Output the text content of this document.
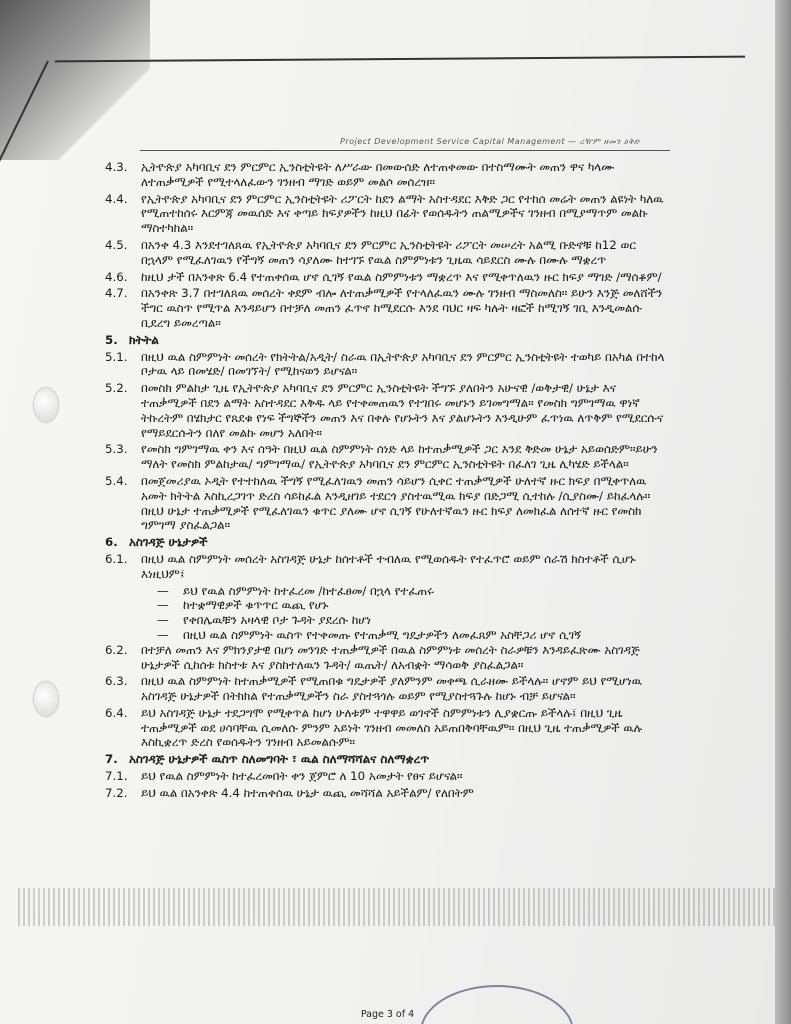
Project Development Service Capital Management — ረዥም ዘመን ዕቅድ
4.3. ኢትዮጵያ አካባቢና ደን ምርምር ኢንስቲትዩት ለሥራው በመውሰድ ለተጠቀመው በተስማሙት መጠን ዋና ካላሙ ለተጠቃሚዎች የሚተላለፈውን ገንዘብ ማገድ ወይም መልሶ መሰረዝ።
4.4. የኢትዮጵያ አካባቢና ደን ምርምር ኢንስቲትዩት ሪፖርት ከደን ልማት አስተዳደር እቅድ ጋር የተከሰ መሬት መጠን ልዩነት ካለዉ የሚጠተከሰሩ እርምጃ መዉሰድ እና ቀጣይ ክፍያዎችን ከዚህ በፊት የወሰዱትን ጠልሚዎችና ገንዘብ በሚያማጥም መልኩ ማስተካከል።
4.5. በአንቀ 4.3 እንደተገለጸዉ የኢትዮጵያ አካባቢና ደን ምርምር ኢንስቲትዩት ሪፖርት መሠረት አልሚ ቡድኖቹ ከ12 ወር በኋላም የሚፈለገዉን የችግኝ መጠን ሳያለሙ ከተገኙ የዉል ስምምነቱን ጊዜዉ ሳይደርስ ሙሉ በሙሉ ማቋረጥ
4.6. ከዚህ ታች በአንቀጽ 6.4 የተጠቀሰዉ ሆኖ ሲገኝ የዉል ስምምነቱን ማቋረጥ እና የሚቀጥለዉን ዙር ክፍያ ማገድ /ማሰቆም/
4.7. በአንቀጽ 3.7 በተገለጸዉ መሰረት ቀደም ብሎ ለተጠቃሚዎች የተላለፈዉን ሙሉ ገንዘብ ማስመለስ። ይሁን እንጅ መለሸችን ችግር ዉስጥ የሚጥል እንዳይሆን በተቻለ መጠን ፈጥኖ ከሚደርሱ እንደ ባህር ዛፍ ካሉት ዛፎች ከሚገኝ ገቢ እንዲመልሱ ቢደረግ ይመረጣል።
5. ክትትል
5.1. በዚህ ዉል ስምምነት መሰረት የክትትል/አዲት/ ስራዉ በኢትዮጵያ አካባቢና ደን ምርምር ኢንስቲትዩት ተወካይ በአካል በተከላ ቦታዉ ላይ በመሄድ/ በመገኘት/ የሚከናወን ይሆናል።
5.2. በመስክ ምልከታ ጊዜ የኢትዮጵያ አካባቢና ደን ምርምር ኢንስቲትዩት ችግኙ ያለበትን አሁናዊ /ወቅታዊ/ ሁኔታ እና ተጠቃሚዎች በደን ልማት አስተዳደር እቅዱ ላይ የተቀመጠዉን የተገበሩ መሆኑን ይገመግማል። የመስክ ግምገማዉ ዋነኛ ትኩረትም በሄክታር የጸደቁ የነፍ ችግኞችን መጠን እና በቀሉ የሆኑትን እና ያልሆኑትን እንዲሁም ፈጥነዉ ለጥቅም የሚደርሱና የማይደርሱትን በለየ መልኩ መሆን አለበት።
5.3. የመስክ ግምገማዉ ቀን እና ሰዓት በዚህ ዉል ስምምነት ሰነድ ላይ ከተጠቃሚዎች ጋር እንደ ቅድመ ሁኔታ አይወሰድም።ይሁን ማለት የመስክ ምልከታዉ/ ግምገማዉ/ የኢትዮጵያ አካባቢና ደን ምርምር ኢንስቲትዩት በፈለገ ጊዜ ሊካሄድ ይችላል።
5.4. በመጀመሪያዉ ኦዲት የተተከለዉ ችግኝ የሚፈለገዉን መጠን ሳይሆን ሲቀር ተጠቃሚዎች ሁለተኛ ዙር ክፍያ በሚቀጥለዉ አመት ክትትል እስኪረጋገጥ ድረስ ሳይከፈል እንዲዘገይ ተደርጎ ያስተዉሚዉ ክፍያ በድጋሚ ሲተከሉ /ሲያስሙ/ ይከፈላሉ። በዚህ ሁኔታ ተጠቃሚዎች የሚፈለገዉን ቁጥር ያለሙ ሆኖ ሲገኝ የሁለተኛዉን ዙር ክፍያ ለመክፈል ለሰተኛ ዙር የመስክ ግምገማ ያስፈልጋል።
6. አስገዳጅ ሁኔታዎች
6.1. በዚህ ዉል ስምምነት መሰረት አስገዳጅ ሁኔታ ከሰተቶች ተብለዉ የሚወሰዱት የተፈጥሮ ወይም ሰራሽ ክስተቶች ሲሆኑ እነዚህም፤
— ይህ የዉል ስምምነት ከተፈረመ /ከተፈፀመ/ በኋላ የተፈጠሩ
— ከተቋማዊዎች ቁጥጥር ዉጪ የሆኑ
— የቀበሌዉቹን አዛላዊ ቦታ ጉዳት ያደረሱ ከሆነ
— በዚህ ዉል ስምምነት ዉስጥ የተቀመጡ የተጠቃሚ ግዴታዎችን ለመፈጸም አስቸጋሪ ሆኖ ሲገኝ
6.2. በተቻለ መጠን እና ምክንያታዊ በሆነ መንገድ ተጠቃሚዎች በዉል ስምምነቱ መሰረት ስራዎቹን እንዳይፈጽሙ አስገዳጅ ሁኔታዎች ሲከሰቱ ክስተቱ እና ያስከተለዉን ጉዳት/ ዉጤት/ ለአብቋት ማሳወቅ ያስፈልጋል።
6.3. በዚህ ዉል ስምምነት ከተጠቃሚዎች የሚጠበቁ ግዴታዎች ያለምንም መቀጫ ሲራዘሙ ይችላሉ። ሆኖም ይህ የሚሆነዉ አስገዳጅ ሁኔታዎች በትክክል የተጠቃሚዎችን ስራ ያስተጓጎሉ ወይም የሚያስተጓጉሉ ከሆኑ ብቻ ይሆናል።
6.4. ይህ አስገዳጅ ሁኔታ ተደጋግሞ የሚቀጥል ከሆነ ሁለቱም ተዋዋይ ወገኖች ስምምነቱን ሊያቋርጡ ይችላሉ፤ በዚህ ጊዜ ተጠቃሚዎች ወደ ሀሳባቸዉ ሲመለሱ ምንም አይነት ገንዘብ መመለስ አይጠበቅባቸዉም። በዚህ ጊዜ ተጠቃሚዎች ዉሉ እስኪቋረጥ ድረስ የወሰዱትን ገንዘብ አይመልሱም።
7. አስገዳጅ ሁኔታዎች ዉስጥ ስለመግባት ፣ ዉል ስለማሻሻልና ስለማቋረጥ
7.1. ይህ የዉል ስምምነት ከተፈረመበት ቀን ጀምሮ ለ 10 አመታት የፀና ይሆናል።
7.2. ይህ ዉል በአንቀጽ 4.4 ከተጠቀሰዉ ሁኔታ ዉጪ መሻሻል አይችልም/ የለበትም
Page 3 of 4
